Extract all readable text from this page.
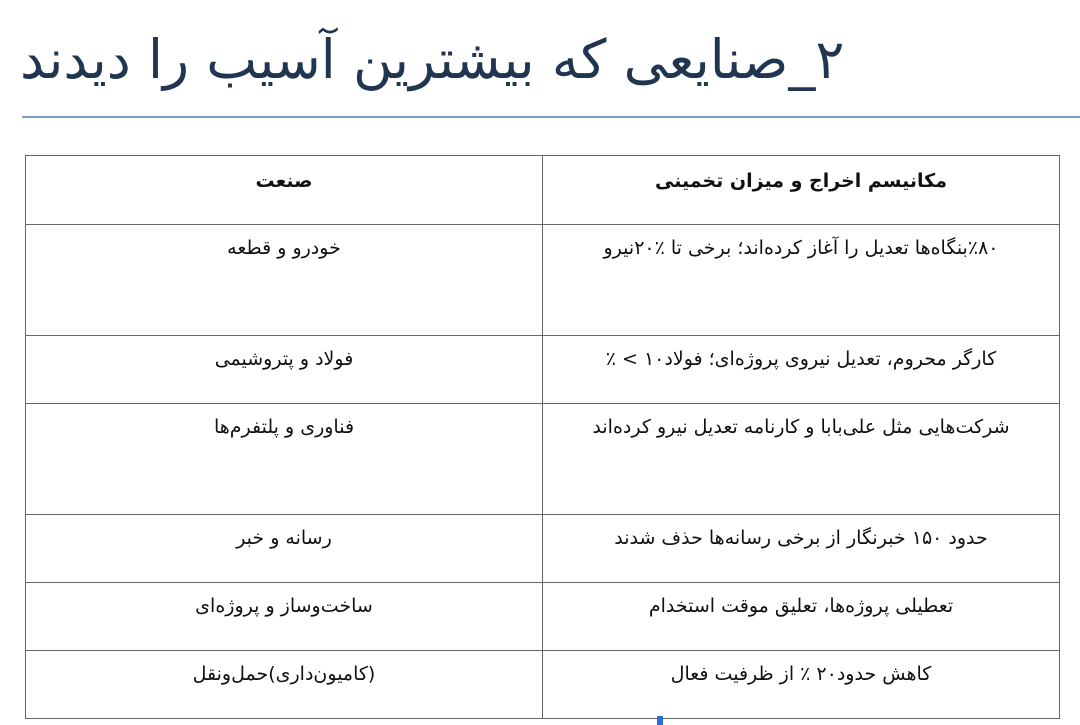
۲_صنایعی که بیشترین آسیب را دیدند
صنعت	مکانیسم اخراج و میزان تخمینی
خودرو و قطعه	٪۸۰بنگاه‌ها تعدیل را آغاز کرده‌اند؛ برخی تا ٪۲۰نیرو
فولاد و پتروشیمی	کارگر محروم، تعدیل نیروی پروژه‌ای؛ فولاد۱۰ > ٪
فناوری و پلتفرم‌ها	شرکت‌هایی مثل علی‌بابا و کارنامه تعدیل نیرو کرده‌اند
رسانه و خبر	حدود ۱۵۰ خبرنگار از برخی رسانه‌ها حذف شدند
ساخت‌وساز و پروژه‌ای	تعطیلی پروژه‌ها، تعلیق موقت استخدام
(کامیون‌داری)حمل‌ونقل	کاهش حدود۲۰ ٪ از ظرفیت فعال
